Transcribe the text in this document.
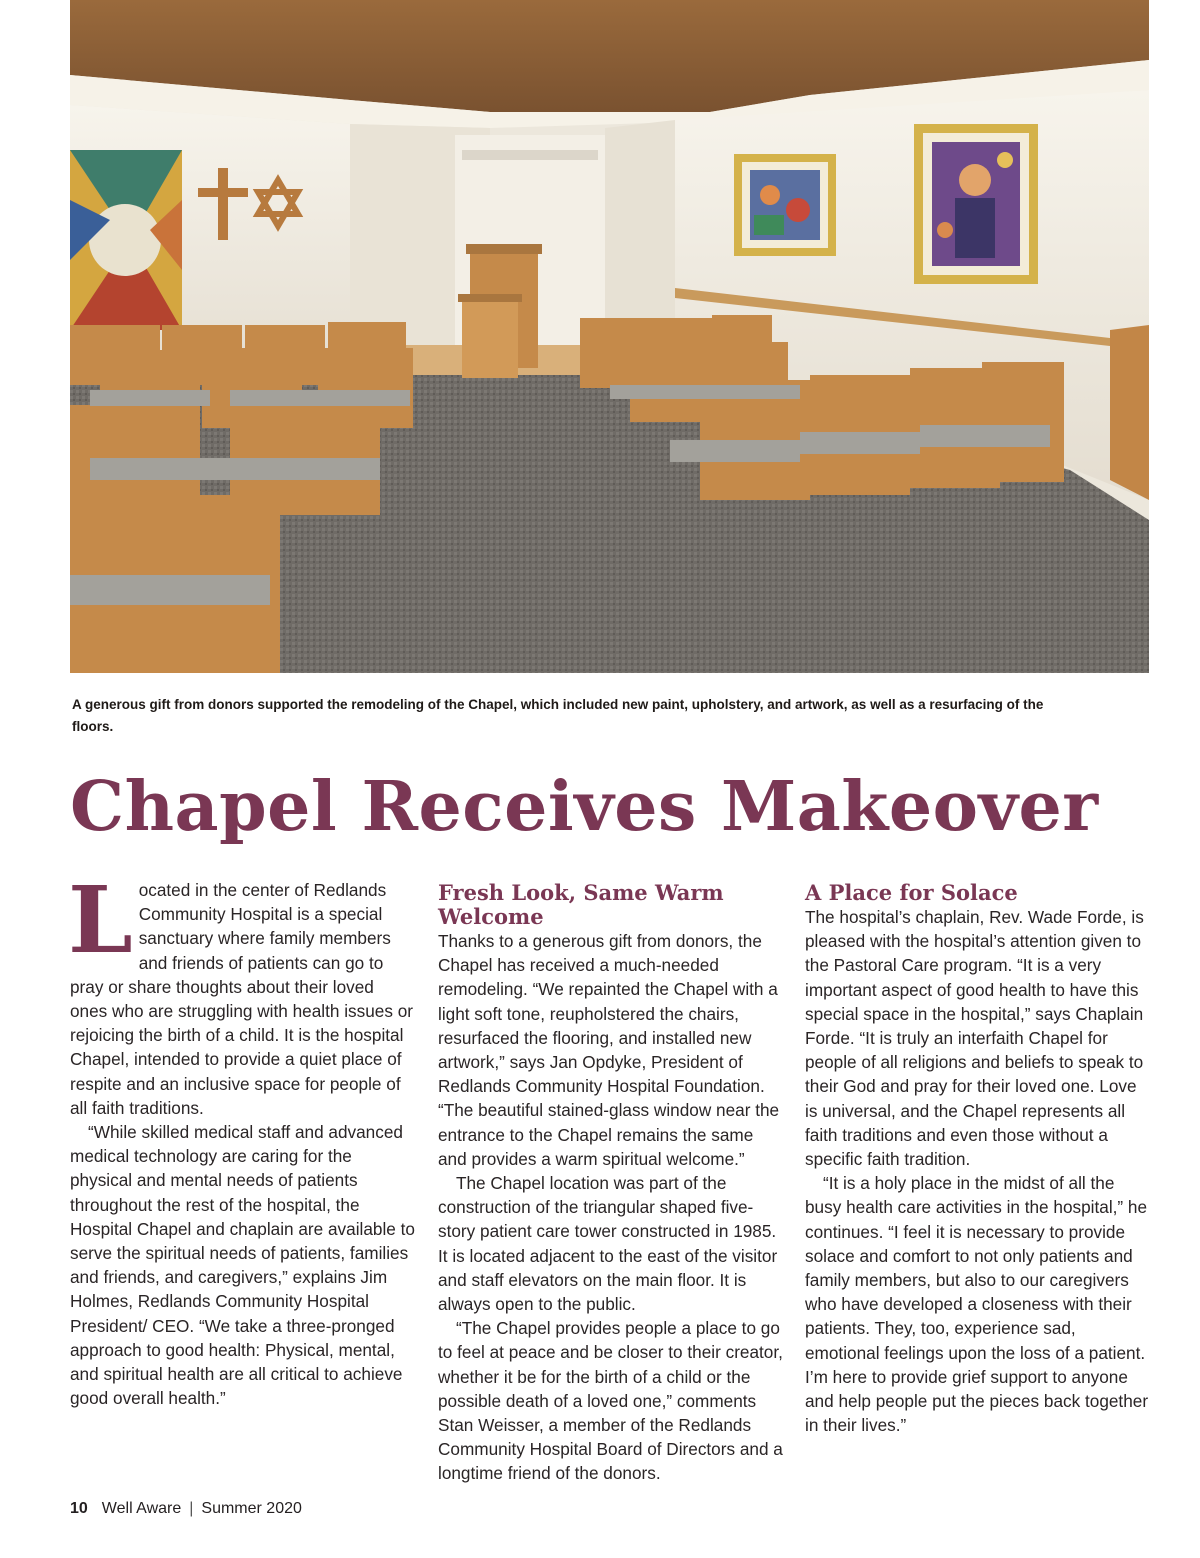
A generous gift from donors supported the remodeling of the Chapel, which included new paint, upholstery, and artwork, as well as a resurfacing of the floors.
Chapel Receives Makeover

Located in the center of Redlands Community Hospital is a special sanctuary where family members and friends of patients can go to pray or share thoughts about their loved ones who are struggling with health issues or rejoicing the birth of a child. It is the hospital Chapel, intended to provide a quiet place of respite and an inclusive space for people of all faith traditions.

“While skilled medical staff and advanced medical technology are caring for the physical and mental needs of patients throughout the rest of the hospital, the Hospital Chapel and chaplain are available to serve the spiritual needs of patients, families and friends, and caregivers,” explains Jim Holmes, Redlands Community Hospital President/ CEO. “We take a three-pronged approach to good health: Physical, mental, and spiritual health are all critical to achieve good overall health.”

Fresh Look, Same Warm Welcome

Thanks to a generous gift from donors, the Chapel has received a much-needed remodeling. “We repainted the Chapel with a light soft tone, reupholstered the chairs, resurfaced the flooring, and installed new artwork,” says Jan Opdyke, President of Redlands Community Hospital Foundation. “The beautiful stained-glass window near the entrance to the Chapel remains the same and provides a warm spiritual welcome.”

The Chapel location was part of the construction of the triangular shaped five-story patient care tower constructed in 1985. It is located adjacent to the east of the visitor and staff elevators on the main floor. It is always open to the public.

“The Chapel provides people a place to go to feel at peace and be closer to their creator, whether it be for the birth of a child or the possible death of a loved one,” comments Stan Weisser, a member of the Redlands Community Hospital Board of Directors and a longtime friend of the donors.

A Place for Solace

The hospital’s chaplain, Rev. Wade Forde, is pleased with the hospital’s attention given to the Pastoral Care program. “It is a very important aspect of good health to have this special space in the hospital,” says Chaplain Forde. “It is truly an interfaith Chapel for people of all religions and beliefs to speak to their God and pray for their loved one. Love is universal, and the Chapel represents all faith traditions and even those without a specific faith tradition.

“It is a holy place in the midst of all the busy health care activities in the hospital,” he continues. “I feel it is necessary to provide solace and comfort to not only patients and family members, but also to our caregivers who have developed a closeness with their patients. They, too, experience sad, emotional feelings upon the loss of a patient. I’m here to provide grief support to anyone and help people put the pieces back together in their lives.”

10 Well Aware | Summer 2020
